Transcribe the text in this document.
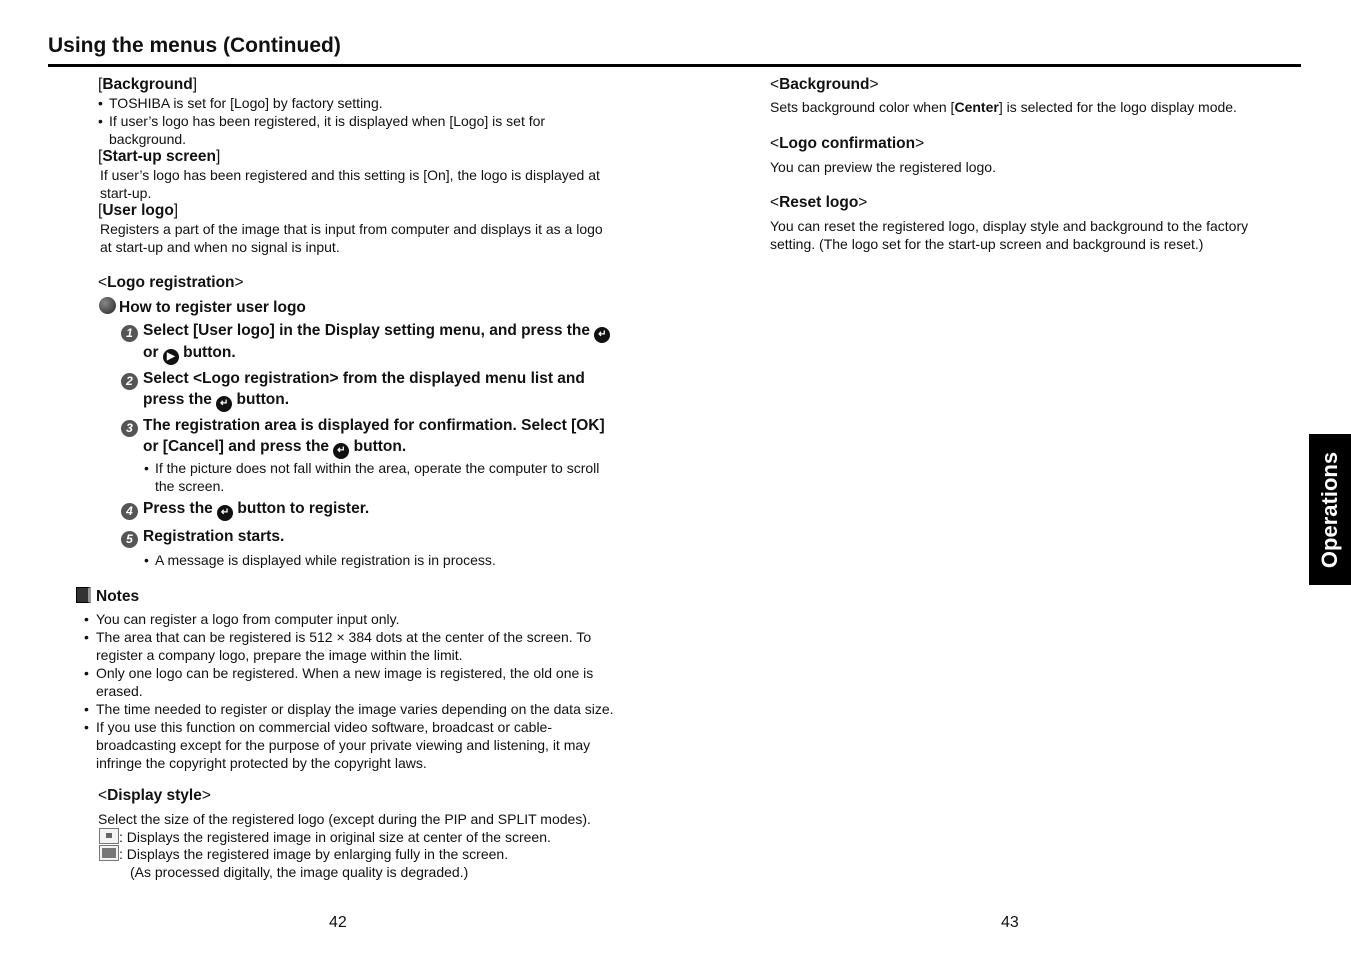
Using the menus (Continued)
[Background]
• TOSHIBA is set for [Logo] by factory setting.
• If user’s logo has been registered, it is displayed when [Logo] is set for
background.
[Start-up screen]
If user’s logo has been registered and this setting is [On], the logo is displayed at
start-up.
[User logo]
Registers a part of the image that is input from computer and displays it as a logo
at start-up and when no signal is input.
<Logo registration>
How to register user logo
1 Select [User logo] in the Display setting menu, and press the ↵
or ▶ button.
2 Select <Logo registration> from the displayed menu list and
press the ↵ button.
3 The registration area is displayed for confirmation. Select [OK]
or [Cancel] and press the ↵ button.
• If the picture does not fall within the area, operate the computer to scroll
the screen.
4 Press the ↵ button to register.
5 Registration starts.
• A message is displayed while registration is in process.
Notes
• You can register a logo from computer input only.
• The area that can be registered is 512 × 384 dots at the center of the screen. To
register a company logo, prepare the image within the limit.
• Only one logo can be registered. When a new image is registered, the old one is
erased.
• The time needed to register or display the image varies depending on the data size.
• If you use this function on commercial video software, broadcast or cable-
broadcasting except for the purpose of your private viewing and listening, it may
infringe the copyright protected by the copyright laws.
<Display style>
Select the size of the registered logo (except during the PIP and SPLIT modes).
: Displays the registered image in original size at center of the screen.
: Displays the registered image by enlarging fully in the screen.
(As processed digitally, the image quality is degraded.)
42
<Background>
Sets background color when [Center] is selected for the logo display mode.
<Logo confirmation>
You can preview the registered logo.
<Reset logo>
You can reset the registered logo, display style and background to the factory
setting. (The logo set for the start-up screen and background is reset.)
43
Operations
